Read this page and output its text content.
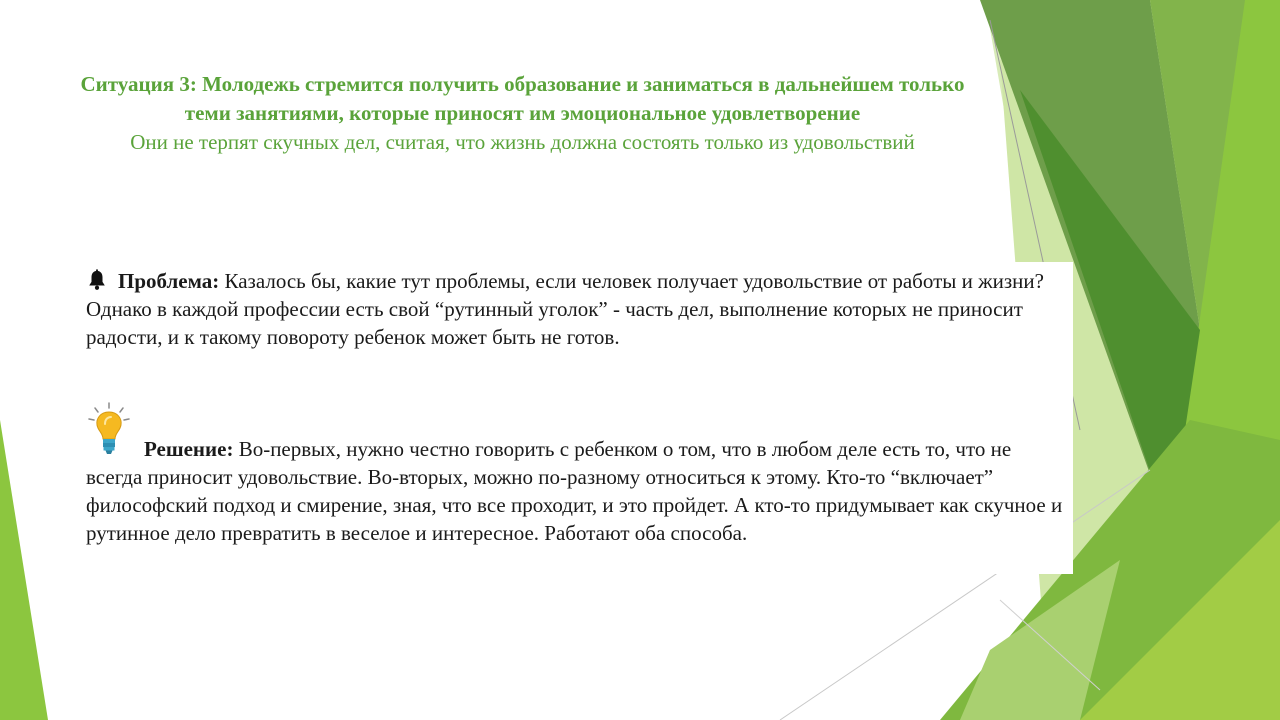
Ситуация 3: Молодежь стремится получить образование и заниматься в дальнейшем только теми занятиями, которые приносят им эмоциональное удовлетворение
Они не терпят скучных дел, считая, что жизнь должна состоять только из удовольствий
Проблема: Казалось бы, какие тут проблемы, если человек получает удовольствие от работы и жизни? Однако в каждой профессии есть свой “рутинный уголок” - часть дел, выполнение которых не приносит радости, и к такому повороту ребенок может быть не готов.
Решение: Во-первых, нужно честно говорить с ребенком о том, что в любом деле есть то, что не всегда приносит удовольствие. Во-вторых, можно по-разному относиться к этому. Кто-то “включает” философский подход и смирение, зная, что все проходит, и это пройдет. А кто-то придумывает как скучное и рутинное дело превратить в веселое и интересное. Работают оба способа.
